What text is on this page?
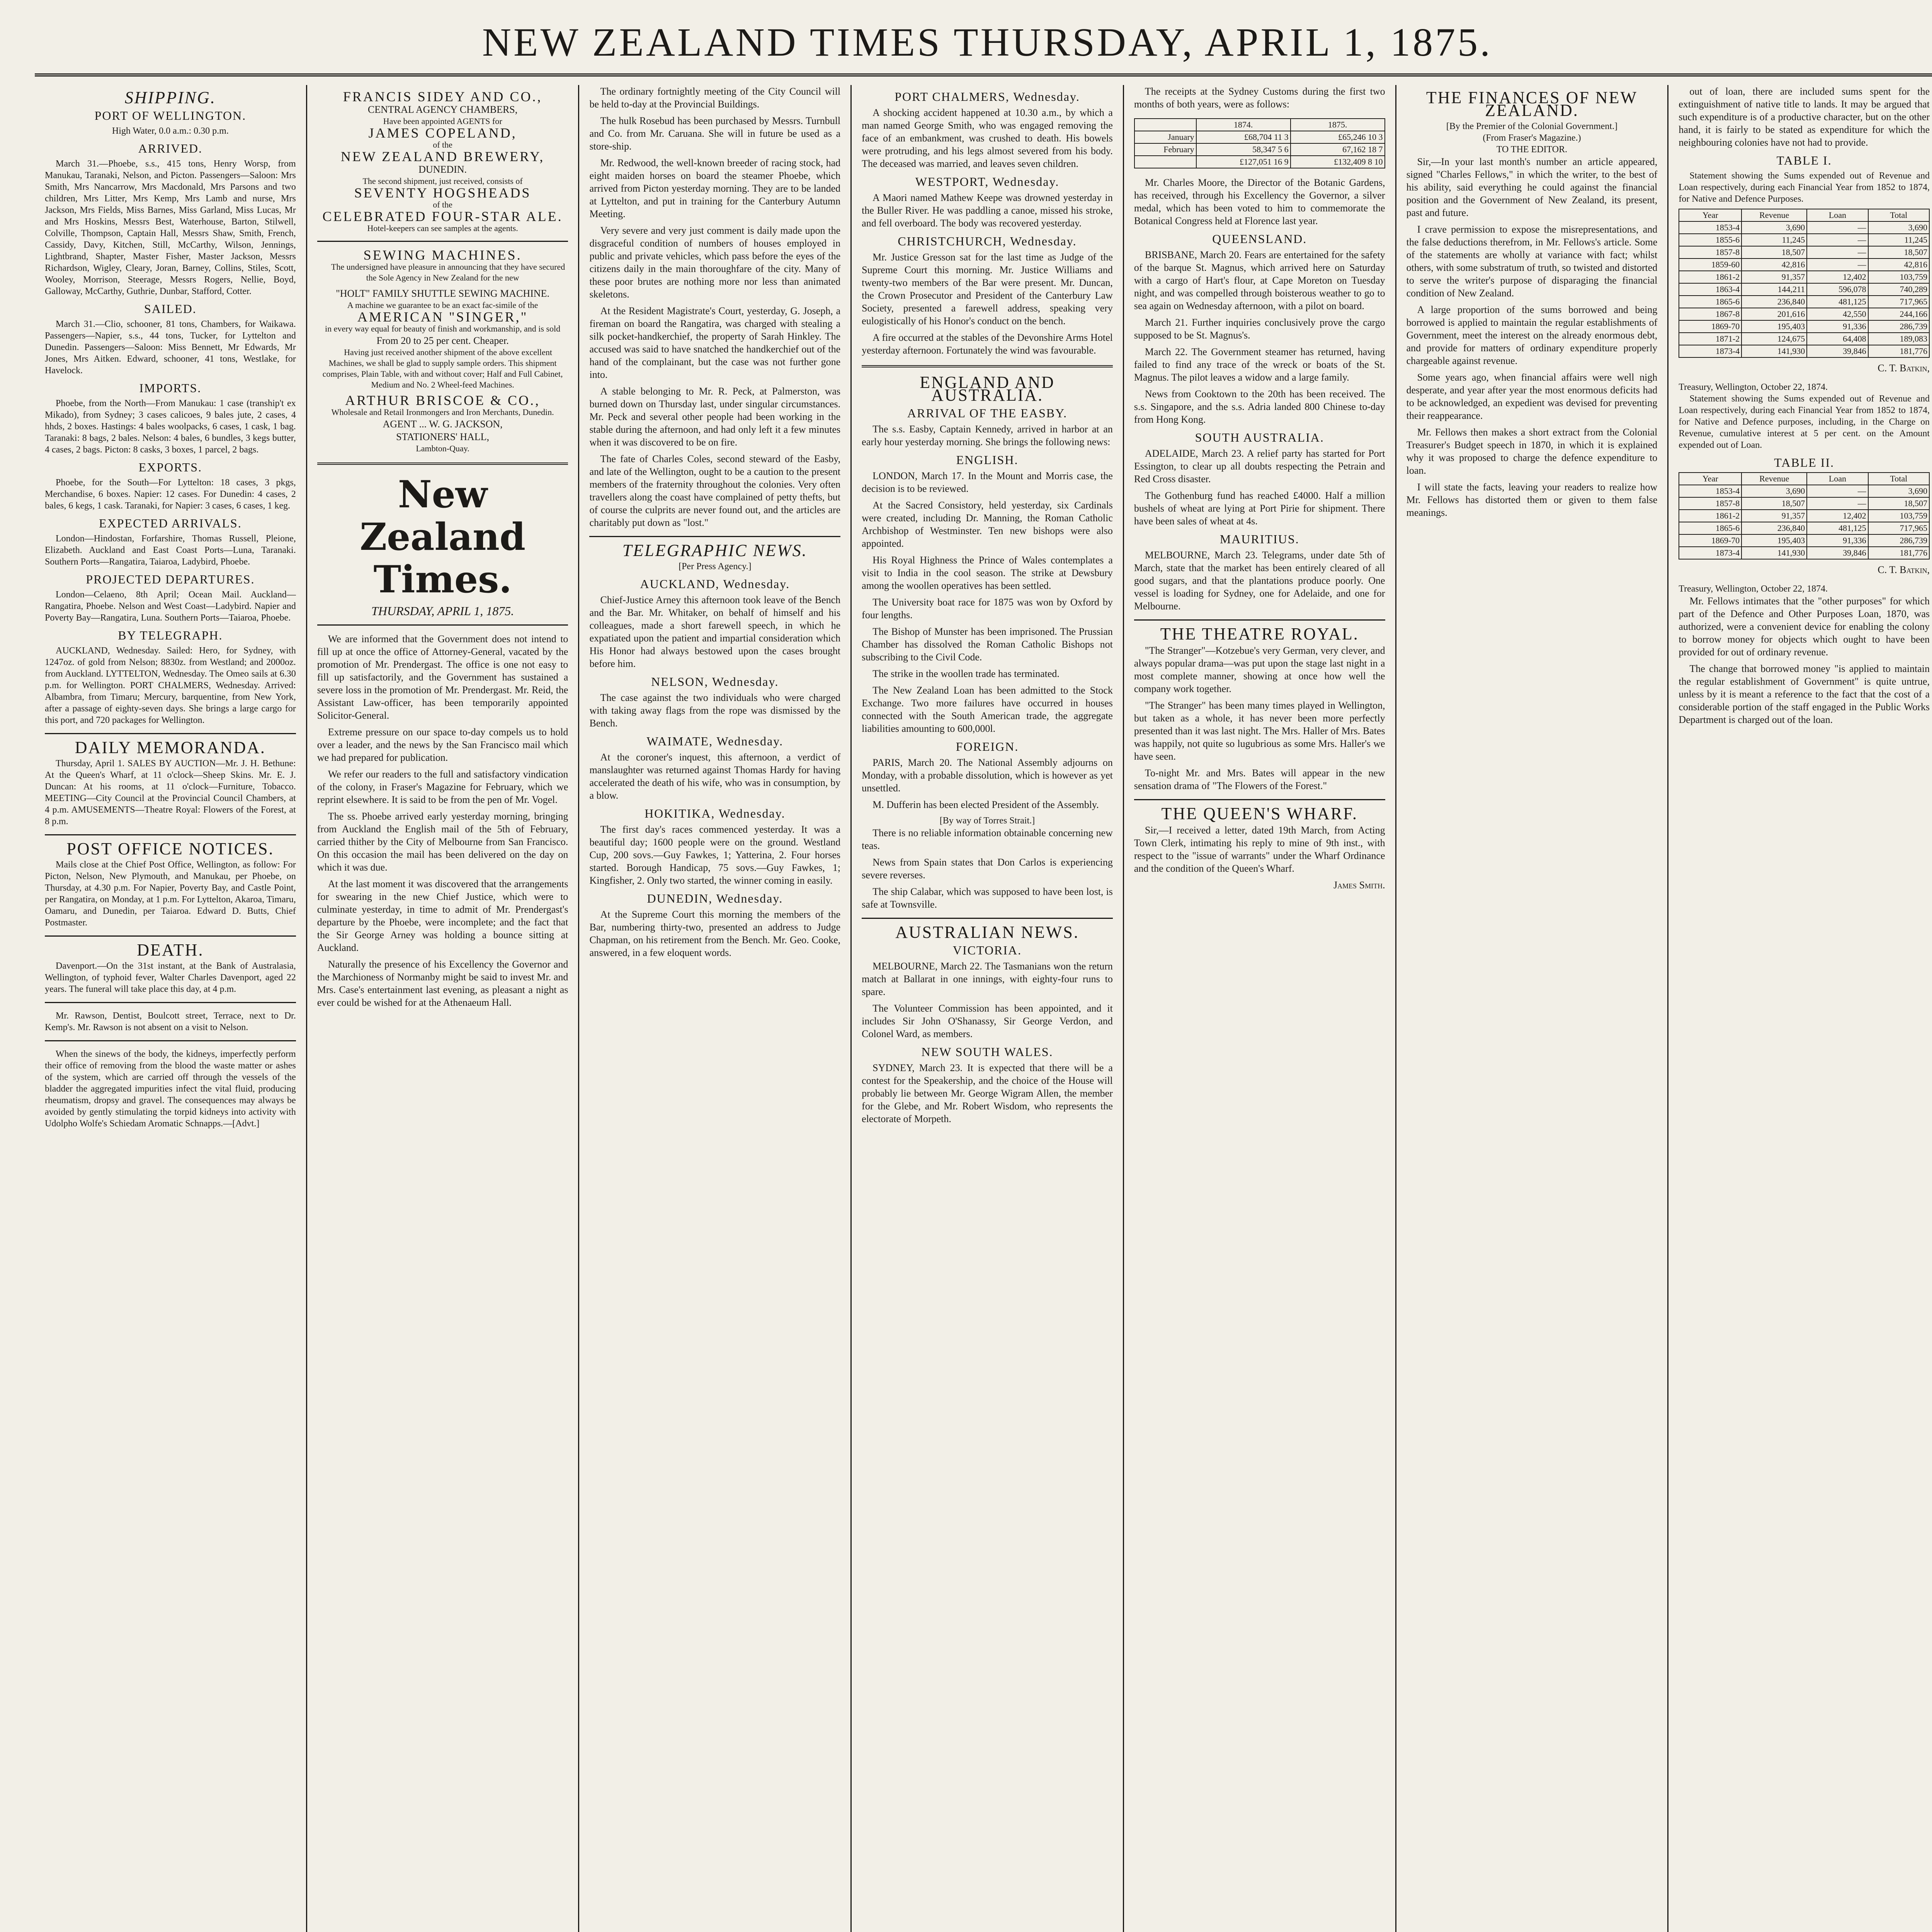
NEW ZEALAND TIMES THURSDAY, APRIL 1, 1875.
SHIPPING.
PORT OF WELLINGTON.
High Water, 0.0 a.m.: 0.30 p.m.
ARRIVED.

March 31.—Phoebe, s.s., 415 tons, Henry Worsp, from Manukau, Taranaki, Nelson, and Picton. Passengers—Saloon: Mrs Smith, Mrs Nancarrow, Mrs Macdonald, Mrs Parsons and two children, Mrs Litter, Mrs Kemp, Mrs Lamb and nurse, Mrs Jackson, Mrs Fields, Miss Barnes, Miss Garland, Miss Lucas, Mr and Mrs Hoskins, Messrs Best, Waterhouse, Barton, Stilwell, Colville, Thompson, Captain Hall, Messrs Shaw, Smith, French, Cassidy, Davy, Kitchen, Still, McCarthy, Wilson, Jennings, Lightbrand, Shapter, Master Fisher, Master Jackson, Messrs Richardson, Wigley, Cleary, Joran, Barney, Collins, Stiles, Scott, Wooley, Morrison, Steerage, Messrs Rogers, Nellie, Boyd, Galloway, McCarthy, Guthrie, Dunbar, Stafford, Cotter.

SAILED.

March 31.—Clio, schooner, 81 tons, Chambers, for Waikawa. Passengers—Napier, s.s., 44 tons, Tucker, for Lyttelton and Dunedin. Passengers—Saloon: Miss Bennett, Mr Edwards, Mr Jones, Mrs Aitken. Edward, schooner, 41 tons, Westlake, for Havelock.

IMPORTS.

Phoebe, from the North—From Manukau: 1 case (tranship't ex Mikado), from Sydney; 3 cases calicoes, 9 bales jute, 2 cases, 4 hhds, 2 boxes. Hastings: 4 bales woolpacks, 6 cases, 1 cask, 1 bag. Taranaki: 8 bags, 2 bales. Nelson: 4 bales, 6 bundles, 3 kegs butter, 4 cases, 2 bags. Picton: 8 casks, 3 boxes, 1 parcel, 2 bags.

EXPORTS.

Phoebe, for the South—For Lyttelton: 18 cases, 3 pkgs, Merchandise, 6 boxes. Napier: 12 cases. For Dunedin: 4 cases, 2 bales, 6 kegs, 1 cask. Taranaki, for Napier: 3 cases, 6 cases, 1 keg.

EXPECTED ARRIVALS.

London—Hindostan, Forfarshire, Thomas Russell, Pleione, Elizabeth. Auckland and East Coast Ports—Luna, Taranaki. Southern Ports—Rangatira, Taiaroa, Ladybird, Phoebe.

PROJECTED DEPARTURES.

London—Celaeno, 8th April; Ocean Mail. Auckland—Rangatira, Phoebe. Nelson and West Coast—Ladybird. Napier and Poverty Bay—Rangatira, Luna. Southern Ports—Taiaroa, Phoebe.

BY TELEGRAPH.

AUCKLAND, Wednesday. Sailed: Hero, for Sydney, with 1247oz. of gold from Nelson; 8830z. from Westland; and 2000oz. from Auckland. LYTTELTON, Wednesday. The Omeo sails at 6.30 p.m. for Wellington. PORT CHALMERS, Wednesday. Arrived: Albambra, from Timaru; Mercury, barquentine, from New York, after a passage of eighty-seven days. She brings a large cargo for this port, and 720 packages for Wellington.

DAILY MEMORANDA.

Thursday, April 1. SALES BY AUCTION—Mr. J. H. Bethune: At the Queen's Wharf, at 11 o'clock—Sheep Skins. Mr. E. J. Duncan: At his rooms, at 11 o'clock—Furniture, Tobacco. MEETING—City Council at the Provincial Council Chambers, at 4 p.m. AMUSEMENTS—Theatre Royal: Flowers of the Forest, at 8 p.m.

POST OFFICE NOTICES.

Mails close at the Chief Post Office, Wellington, as follow: For Picton, Nelson, New Plymouth, and Manukau, per Phoebe, on Thursday, at 4.30 p.m. For Napier, Poverty Bay, and Castle Point, per Rangatira, on Monday, at 1 p.m. For Lyttelton, Akaroa, Timaru, Oamaru, and Dunedin, per Taiaroa. Edward D. Butts, Chief Postmaster.

DEATH.

Davenport.—On the 31st instant, at the Bank of Australasia, Wellington, of typhoid fever, Walter Charles Davenport, aged 22 years. The funeral will take place this day, at 4 p.m.

Mr. Rawson, Dentist, Boulcott street, Terrace, next to Dr. Kemp's. Mr. Rawson is not absent on a visit to Nelson.

When the sinews of the body, the kidneys, imperfectly perform their office of removing from the blood the waste matter or ashes of the system, which are carried off through the vessels of the bladder the aggregated impurities infect the vital fluid, producing rheumatism, dropsy and gravel. The consequences may always be avoided by gently stimulating the torpid kidneys into activity with Udolpho Wolfe's Schiedam Aromatic Schnapps.—[Advt.]

FRANCIS SIDEY AND CO.,
CENTRAL AGENCY CHAMBERS,
Have been appointed AGENTS for
JAMES COPELAND,
of the
NEW ZEALAND BREWERY,
DUNEDIN.
The second shipment, just received, consists of
SEVENTY HOGSHEADS
of the
CELEBRATED FOUR-STAR ALE.
Hotel-keepers can see samples at the agents.
SEWING MACHINES.

The undersigned have pleasure in announcing that they have secured the Sole Agency in New Zealand for the new

"HOLT" FAMILY SHUTTLE SEWING MACHINE.
A machine we guarantee to be an exact fac-simile of the
AMERICAN "SINGER,"
in every way equal for beauty of finish and workmanship, and is sold
From 20 to 25 per cent. Cheaper.

Having just received another shipment of the above excellent Machines, we shall be glad to supply sample orders. This shipment comprises, Plain Table, with and without cover; Half and Full Cabinet, Medium and No. 2 Wheel-feed Machines.

ARTHUR BRISCOE & CO.,
Wholesale and Retail Ironmongers and Iron Merchants, Dunedin.
AGENT ... W. G. JACKSON,
STATIONERS' HALL,
Lambton-Quay.
New Zealand Times.
THURSDAY, APRIL 1, 1875.

We are informed that the Government does not intend to fill up at once the office of Attorney-General, vacated by the promotion of Mr. Prendergast. The office is one not easy to fill up satisfactorily, and the Government has sustained a severe loss in the promotion of Mr. Prendergast. Mr. Reid, the Assistant Law-officer, has been temporarily appointed Solicitor-General.

Extreme pressure on our space to-day compels us to hold over a leader, and the news by the San Francisco mail which we had prepared for publication.

We refer our readers to the full and satisfactory vindication of the colony, in Fraser's Magazine for February, which we reprint elsewhere. It is said to be from the pen of Mr. Vogel.

The ss. Phoebe arrived early yesterday morning, bringing from Auckland the English mail of the 5th of February, carried thither by the City of Melbourne from San Francisco. On this occasion the mail has been delivered on the day on which it was due.

At the last moment it was discovered that the arrangements for swearing in the new Chief Justice, which were to culminate yesterday, in time to admit of Mr. Prendergast's departure by the Phoebe, were incomplete; and the fact that the Sir George Arney was holding a bounce sitting at Auckland.

Naturally the presence of his Excellency the Governor and the Marchioness of Normanby might be said to invest Mr. and Mrs. Case's entertainment last evening, as pleasant a night as ever could be wished for at the Athenaeum Hall.

The ordinary fortnightly meeting of the City Council will be held to-day at the Provincial Buildings.

The hulk Rosebud has been purchased by Messrs. Turnbull and Co. from Mr. Caruana. She will in future be used as a store-ship.

Mr. Redwood, the well-known breeder of racing stock, had eight maiden horses on board the steamer Phoebe, which arrived from Picton yesterday morning. They are to be landed at Lyttelton, and put in training for the Canterbury Autumn Meeting.

Very severe and very just comment is daily made upon the disgraceful condition of numbers of houses employed in public and private vehicles, which pass before the eyes of the citizens daily in the main thoroughfare of the city. Many of these poor brutes are nothing more nor less than animated skeletons.

At the Resident Magistrate's Court, yesterday, G. Joseph, a fireman on board the Rangatira, was charged with stealing a silk pocket-handkerchief, the property of Sarah Hinkley. The accused was said to have snatched the handkerchief out of the hand of the complainant, but the case was not further gone into.

A stable belonging to Mr. R. Peck, at Palmerston, was burned down on Thursday last, under singular circumstances. Mr. Peck and several other people had been working in the stable during the afternoon, and had only left it a few minutes when it was discovered to be on fire.

The fate of Charles Coles, second steward of the Easby, and late of the Wellington, ought to be a caution to the present members of the fraternity throughout the colonies. Very often travellers along the coast have complained of petty thefts, but of course the culprits are never found out, and the articles are charitably put down as "lost."

TELEGRAPHIC NEWS.
[Per Press Agency.]
AUCKLAND, Wednesday.

Chief-Justice Arney this afternoon took leave of the Bench and the Bar. Mr. Whitaker, on behalf of himself and his colleagues, made a short farewell speech, in which he expatiated upon the patient and impartial consideration which His Honor had always bestowed upon the cases brought before him.

NELSON, Wednesday.

The case against the two individuals who were charged with taking away flags from the rope was dismissed by the Bench.

WAIMATE, Wednesday.

At the coroner's inquest, this afternoon, a verdict of manslaughter was returned against Thomas Hardy for having accelerated the death of his wife, who was in consumption, by a blow.

HOKITIKA, Wednesday.

The first day's races commenced yesterday. It was a beautiful day; 1600 people were on the ground. Westland Cup, 200 sovs.—Guy Fawkes, 1; Yatterina, 2. Four horses started. Borough Handicap, 75 sovs.—Guy Fawkes, 1; Kingfisher, 2. Only two started, the winner coming in easily.

DUNEDIN, Wednesday.

At the Supreme Court this morning the members of the Bar, numbering thirty-two, presented an address to Judge Chapman, on his retirement from the Bench. Mr. Geo. Cooke, answered, in a few eloquent words.

PORT CHALMERS, Wednesday.

A shocking accident happened at 10.30 a.m., by which a man named George Smith, who was engaged removing the face of an embankment, was crushed to death. His bowels were protruding, and his legs almost severed from his body. The deceased was married, and leaves seven children.

WESTPORT, Wednesday.

A Maori named Mathew Keepe was drowned yesterday in the Buller River. He was paddling a canoe, missed his stroke, and fell overboard. The body was recovered yesterday.

CHRISTCHURCH, Wednesday.

Mr. Justice Gresson sat for the last time as Judge of the Supreme Court this morning. Mr. Justice Williams and twenty-two members of the Bar were present. Mr. Duncan, the Crown Prosecutor and President of the Canterbury Law Society, presented a farewell address, speaking very eulogistically of his Honor's conduct on the bench.

A fire occurred at the stables of the Devonshire Arms Hotel yesterday afternoon. Fortunately the wind was favourable.

ENGLAND AND AUSTRALIA.
ARRIVAL OF THE EASBY.

The s.s. Easby, Captain Kennedy, arrived in harbor at an early hour yesterday morning. She brings the following news:

ENGLISH.

LONDON, March 17. In the Mount and Morris case, the decision is to be reviewed.

At the Sacred Consistory, held yesterday, six Cardinals were created, including Dr. Manning, the Roman Catholic Archbishop of Westminster. Ten new bishops were also appointed.

His Royal Highness the Prince of Wales contemplates a visit to India in the cool season. The strike at Dewsbury among the woollen operatives has been settled.

The University boat race for 1875 was won by Oxford by four lengths.

The Bishop of Munster has been imprisoned. The Prussian Chamber has dissolved the Roman Catholic Bishops not subscribing to the Civil Code.

The strike in the woollen trade has terminated.

The New Zealand Loan has been admitted to the Stock Exchange. Two more failures have occurred in houses connected with the South American trade, the aggregate liabilities amounting to 600,000l.

FOREIGN.

PARIS, March 20. The National Assembly adjourns on Monday, with a probable dissolution, which is however as yet unsettled.

M. Dufferin has been elected President of the Assembly.

[By way of Torres Strait.]

There is no reliable information obtainable concerning new teas.

News from Spain states that Don Carlos is experiencing severe reverses.

The ship Calabar, which was supposed to have been lost, is safe at Townsville.

AUSTRALIAN NEWS.
VICTORIA.

MELBOURNE, March 22. The Tasmanians won the return match at Ballarat in one innings, with eighty-four runs to spare.

The Volunteer Commission has been appointed, and it includes Sir John O'Shanassy, Sir George Verdon, and Colonel Ward, as members.

NEW SOUTH WALES.

SYDNEY, March 23. It is expected that there will be a contest for the Speakership, and the choice of the House will probably lie between Mr. George Wigram Allen, the member for the Glebe, and Mr. Robert Wisdom, who represents the electorate of Morpeth.

The receipts at the Sydney Customs during the first two months of both years, were as follows:

	1874.	1875.
January	£68,704 11 3	£65,246 10 3
February	58,347 5 6	67,162 18 7
	£127,051 16 9	£132,409 8 10

Mr. Charles Moore, the Director of the Botanic Gardens, has received, through his Excellency the Governor, a silver medal, which has been voted to him to commemorate the Botanical Congress held at Florence last year.

QUEENSLAND.

BRISBANE, March 20. Fears are entertained for the safety of the barque St. Magnus, which arrived here on Saturday with a cargo of Hart's flour, at Cape Moreton on Tuesday night, and was compelled through boisterous weather to go to sea again on Wednesday afternoon, with a pilot on board.

March 21. Further inquiries conclusively prove the cargo supposed to be St. Magnus's.

March 22. The Government steamer has returned, having failed to find any trace of the wreck or boats of the St. Magnus. The pilot leaves a widow and a large family.

News from Cooktown to the 20th has been received. The s.s. Singapore, and the s.s. Adria landed 800 Chinese to-day from Hong Kong.

SOUTH AUSTRALIA.

ADELAIDE, March 23. A relief party has started for Port Essington, to clear up all doubts respecting the Petrain and Red Cross disaster.

The Gothenburg fund has reached £4000. Half a million bushels of wheat are lying at Port Pirie for shipment. There have been sales of wheat at 4s.

MAURITIUS.

MELBOURNE, March 23. Telegrams, under date 5th of March, state that the market has been entirely cleared of all good sugars, and that the plantations produce poorly. One vessel is loading for Sydney, one for Adelaide, and one for Melbourne.

THE THEATRE ROYAL.

"The Stranger"—Kotzebue's very German, very clever, and always popular drama—was put upon the stage last night in a most complete manner, showing at once how well the company work together.

"The Stranger" has been many times played in Wellington, but taken as a whole, it has never been more perfectly presented than it was last night. The Mrs. Haller of Mrs. Bates was happily, not quite so lugubrious as some Mrs. Haller's we have seen.

To-night Mr. and Mrs. Bates will appear in the new sensation drama of "The Flowers of the Forest."

THE QUEEN'S WHARF.

Sir,—I received a letter, dated 19th March, from Acting Town Clerk, intimating his reply to mine of 9th inst., with respect to the "issue of warrants" under the Wharf Ordinance and the condition of the Queen's Wharf.

James Smith.
THE FINANCES OF NEW ZEALAND.
[By the Premier of the Colonial Government.]
(From Fraser's Magazine.)
TO THE EDITOR.

Sir,—In your last month's number an article appeared, signed "Charles Fellows," in which the writer, to the best of his ability, said everything he could against the financial position and the Government of New Zealand, its present, past and future.

I crave permission to expose the misrepresentations, and the false deductions therefrom, in Mr. Fellows's article. Some of the statements are wholly at variance with fact; whilst others, with some substratum of truth, so twisted and distorted to serve the writer's purpose of disparaging the financial condition of New Zealand.

A large proportion of the sums borrowed and being borrowed is applied to maintain the regular establishments of Government, meet the interest on the already enormous debt, and provide for matters of ordinary expenditure properly chargeable against revenue.

Some years ago, when financial affairs were well nigh desperate, and year after year the most enormous deficits had to be acknowledged, an expedient was devised for preventing their reappearance.

Mr. Fellows then makes a short extract from the Colonial Treasurer's Budget speech in 1870, in which it is explained why it was proposed to charge the defence expenditure to loan.

I will state the facts, leaving your readers to realize how Mr. Fellows has distorted them or given to them false meanings.

out of loan, there are included sums spent for the extinguishment of native title to lands. It may be argued that such expenditure is of a productive character, but on the other hand, it is fairly to be stated as expenditure for which the neighbouring colonies have not had to provide.

TABLE I.

Statement showing the Sums expended out of Revenue and Loan respectively, during each Financial Year from 1852 to 1874, for Native and Defence Purposes.

Year	Revenue	Loan	Total
1853-4	3,690	—	3,690
1855-6	11,245	—	11,245
1857-8	18,507	—	18,507
1859-60	42,816	—	42,816
1861-2	91,357	12,402	103,759
1863-4	144,211	596,078	740,289
1865-6	236,840	481,125	717,965
1867-8	201,616	42,550	244,166
1869-70	195,403	91,336	286,739
1871-2	124,675	64,408	189,083
1873-4	141,930	39,846	181,776
C. T. Batkin,
Treasury, Wellington, October 22, 1874.

Statement showing the Sums expended out of Revenue and Loan respectively, during each Financial Year from 1852 to 1874, for Native and Defence purposes, including, in the Charge on Revenue, cumulative interest at 5 per cent. on the Amount expended out of Loan.

TABLE II.
Year	Revenue	Loan	Total
1853-4	3,690	—	3,690
1857-8	18,507	—	18,507
1861-2	91,357	12,402	103,759
1865-6	236,840	481,125	717,965
1869-70	195,403	91,336	286,739
1873-4	141,930	39,846	181,776
C. T. Batkin,
Treasury, Wellington, October 22, 1874.

Mr. Fellows intimates that the "other purposes" for which part of the Defence and Other Purposes Loan, 1870, was authorized, were a convenient device for enabling the colony to borrow money for objects which ought to have been provided for out of ordinary revenue.

The change that borrowed money "is applied to maintain the regular establishment of Government" is quite untrue, unless by it is meant a reference to the fact that the cost of a considerable portion of the staff engaged in the Public Works Department is charged out of the loan.
